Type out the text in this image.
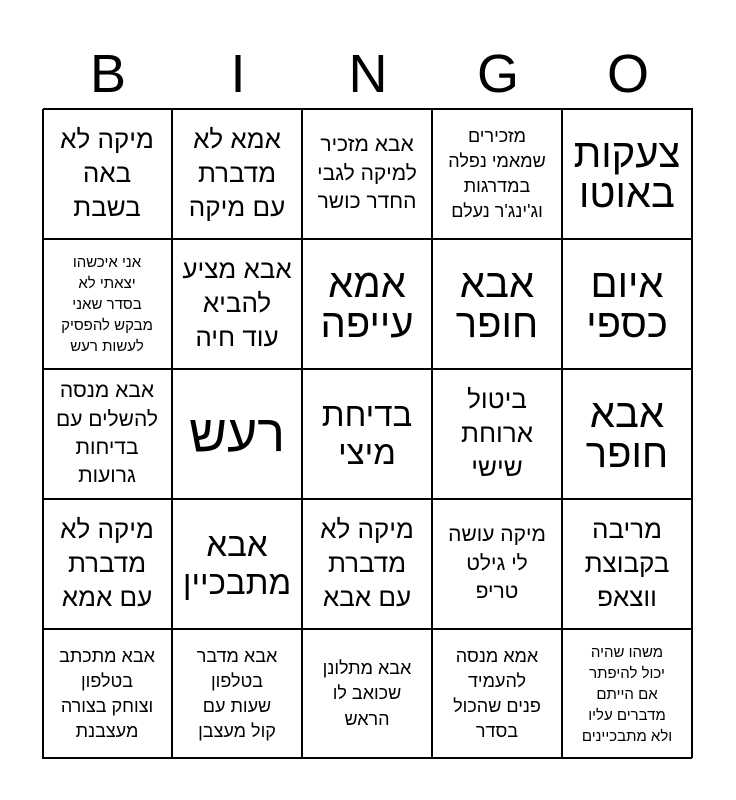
B	I	N	G	O
צעקות
באוטו
מזכירים
שמאמי נפלה
במדרגות
וג'ינג'ר נעלם
אבא מזכיר
למיקה לגבי
החדר כושר
אמא לא
מדברת
עם מיקה
מיקה לא
באה
בשבת
איום
כספי
אבא
חופר
אמא
עייפה
אבא מציע
להביא
עוד חיה
אני איכשהו
יצאתי לא
בסדר שאני
מבקש להפסיק
לעשות רעש
אבא
חופר
ביטול
ארוחת
שישי
בדיחת
מיצי
רעש
אבא מנסה
להשלים עם
בדיחות
גרועות
מריבה
בקבוצת
ווצאפ
מיקה עושה
לי גילט
טריפ
מיקה לא
מדברת
עם אבא
אבא
מתבכיין
מיקה לא
מדברת
עם אמא
משהו שהיה
יכול להיפתר
אם הייתם
מדברים עליו
ולא מתבכיינים
אמא מנסה
להעמיד
פנים שהכול
בסדר
אבא מתלונן
שכואב לו
הראש
אבא מדבר
בטלפון
שעות עם
קול מעצבן
אבא מתכתב
בטלפון
וצוחק בצורה
מעצבנת
